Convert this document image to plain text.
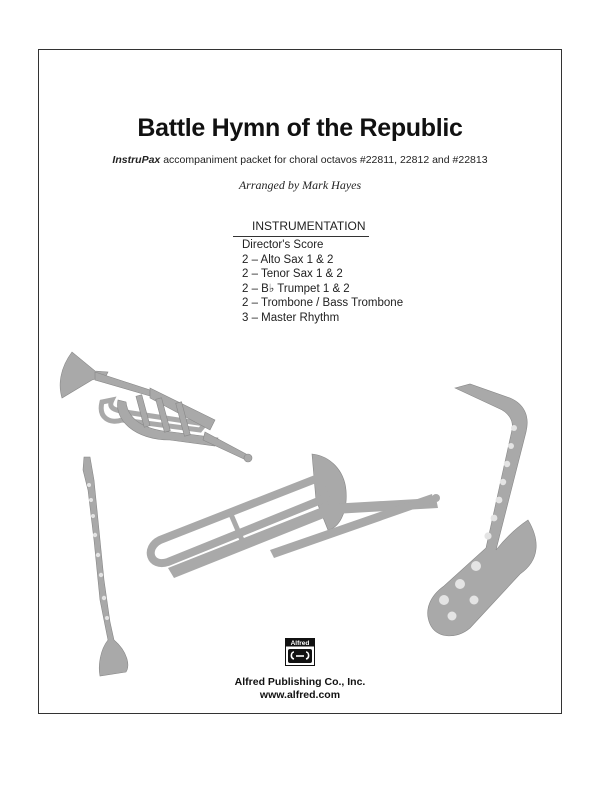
Battle Hymn of the Republic
InstruPax accompaniment packet for choral octavos #22811, 22812 and #22813
Arranged by Mark Hayes
INSTRUMENTATION
Director's Score
2 – Alto Sax 1 & 2
2 – Tenor Sax 1 & 2
2 – B♭ Trumpet 1 & 2
2 – Trombone / Bass Trombone
3 – Master Rhythm
Alfred
Alfred Publishing Co., Inc.
www.alfred.com
